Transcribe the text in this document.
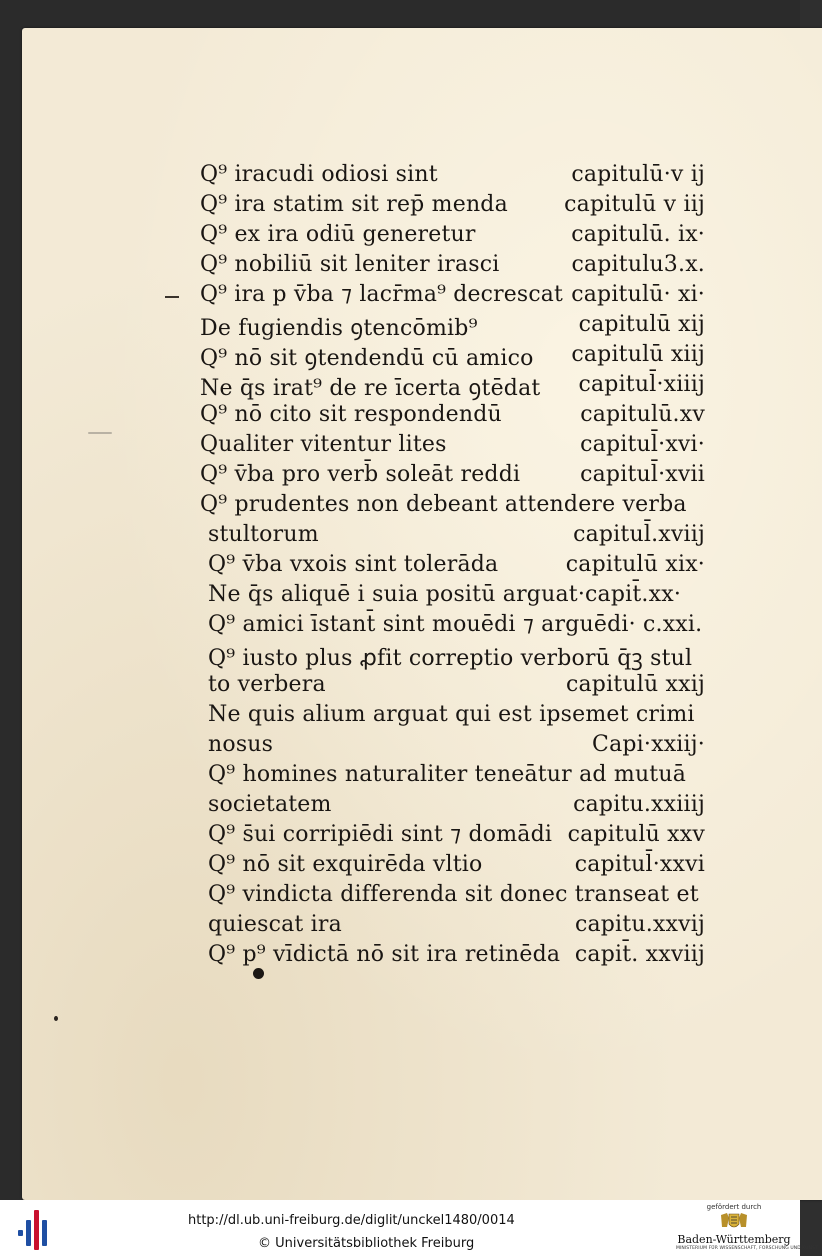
Q⁹ iracudi odiosi sint	capitulū·v ij
Q⁹ ira statim sit rep̄ menda	capitulū v iij
Q⁹ ex ira odiū generetur	capitulū. ix·
Q⁹ nobiliū sit leniter irasci	capitulu3.x.
Q⁹ ira p v̄ba ⁊ lacr̄ma⁹ decrescat capitulū· xi·
De fugiendis ꝯtencōmib⁹	capitulū xij
Q⁹ nō sit ꝯtendendū cū amico capitulū xiij
Ne q̄s irat⁹ de re īcerta ꝯtēdat capitul̄·xiiij
Q⁹ nō cito sit respondendū	capitulū.xv
Qualiter vitentur lites	capitul̄·xvi·
Q⁹ v̄ba pro verb̄ soleāt reddi	capitul̄·xvii
Q⁹ prudentes non debeant attendere verba
stultorum	capitul̄.xviij
Q⁹ v̄ba vxois sint tolerāda	capitulū xix·
Ne q̄s aliquē i suia positū arguat·capit̄.xx·
Q⁹ amici īstant̄ sint mouēdi ⁊ arguēdi· c.xxi.
Q⁹ iusto plus ꝓfit correptio verborū q̄ꝫ stul
to verbera	capitulū xxij
Ne quis alium arguat qui est ipsemet crimi
nosus	Capi·xxiij·
Q⁹ homines naturaliter teneātur ad mutuā
societatem	capitu.xxiiij
Q⁹ s̄ui corripiēdi sint ⁊ domādi capitulū xxv
Q⁹ nō sit exquirēda vltio	capitul̄·xxvi
Q⁹ vindicta differenda sit donec transeat et
quiescat ira	capitu.xxvij
Q⁹ p⁹ vīdictā nō sit ira retinēda capit̄. xxviij
http://dl.ub.uni-freiburg.de/diglit/unckel1480/0014
© Universitätsbibliothek Freiburg
gefördert durch
Baden-Württemberg
MINISTERIUM FÜR WISSENSCHAFT, FORSCHUNG UND KUNST
